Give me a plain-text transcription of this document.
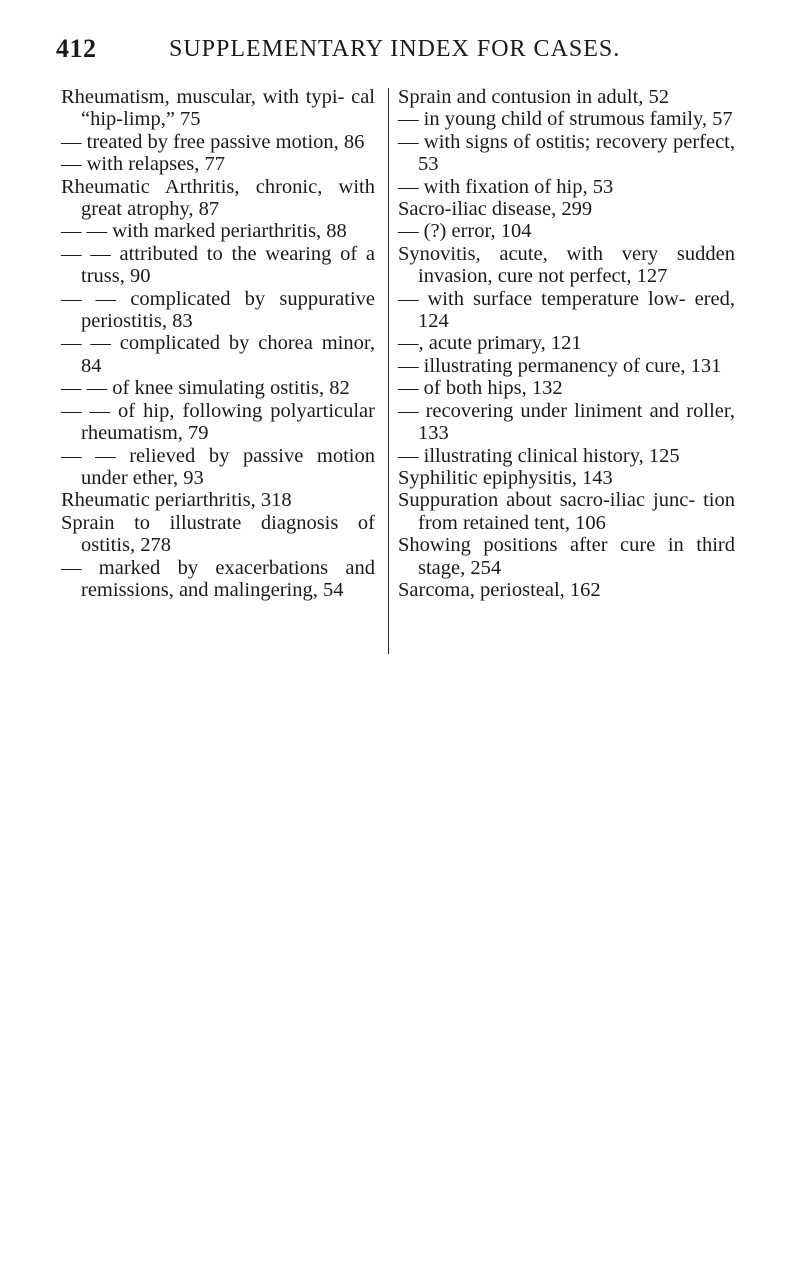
412	SUPPLEMENTARY INDEX FOR CASES.

Rheumatism, muscular, with typi- cal “hip-limp,” 75

— treated by free passive motion, 86

— with relapses, 77

Rheumatic Arthritis, chronic, with great atrophy, 87

— — with marked periarthritis, 88

— — attributed to the wearing of a truss, 90

— — complicated by suppurative periostitis, 83

— — complicated by chorea minor, 84

— — of knee simulating ostitis, 82

— — of hip, following polyarticular rheumatism, 79

— — relieved by passive motion under ether, 93

Rheumatic periarthritis, 318

Sprain to illustrate diagnosis of ostitis, 278

— marked by exacerbations and remissions, and malingering, 54

Sprain and contusion in adult, 52

— in young child of strumous family, 57

— with signs of ostitis; recovery perfect, 53

— with fixation of hip, 53

Sacro-iliac disease, 299

— (?) error, 104

Synovitis, acute, with very sudden invasion, cure not perfect, 127

— with surface temperature low- ered, 124

—, acute primary, 121

— illustrating permanency of cure, 131

— of both hips, 132

— recovering under liniment and roller, 133

— illustrating clinical history, 125

Syphilitic epiphysitis, 143

Suppuration about sacro-iliac junc- tion from retained tent, 106

Showing positions after cure in third stage, 254

Sarcoma, periosteal, 162
